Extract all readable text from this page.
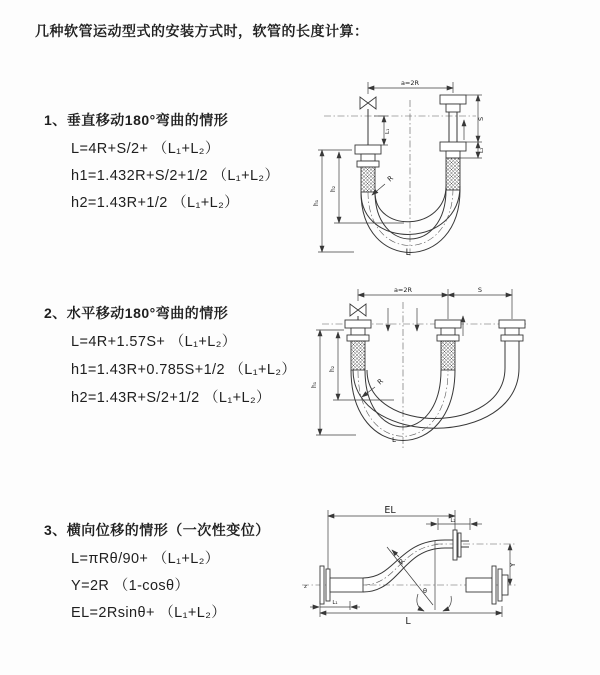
几种软管运动型式的安装方式时，软管的长度计算：
1、垂直移动180°弯曲的情形
L=4R+S/2+ （L₁+L₂）
h1=1.432R+S/2+1/2 （L₁+L₂）
h2=1.43R+1/2 （L₁+L₂）
2、水平移动180°弯曲的情形
L=4R+1.57S+ （L₁+L₂）
h1=1.43R+0.785S+1/2 （L₁+L₂）
h2=1.43R+S/2+1/2 （L₁+L₂）
3、横向位移的情形（一次性变位）
L=πRθ/90+ （L₁+L₂）
Y=2R （1-cosθ）
EL=2Rsinθ+ （L₁+L₂）
a=2R
L₁
S
L₂
h₁
h₂
R
L
a=2R	S
h₁
h₂
R
L
EL
L₂
Y
z
L
L₁
θ
R
